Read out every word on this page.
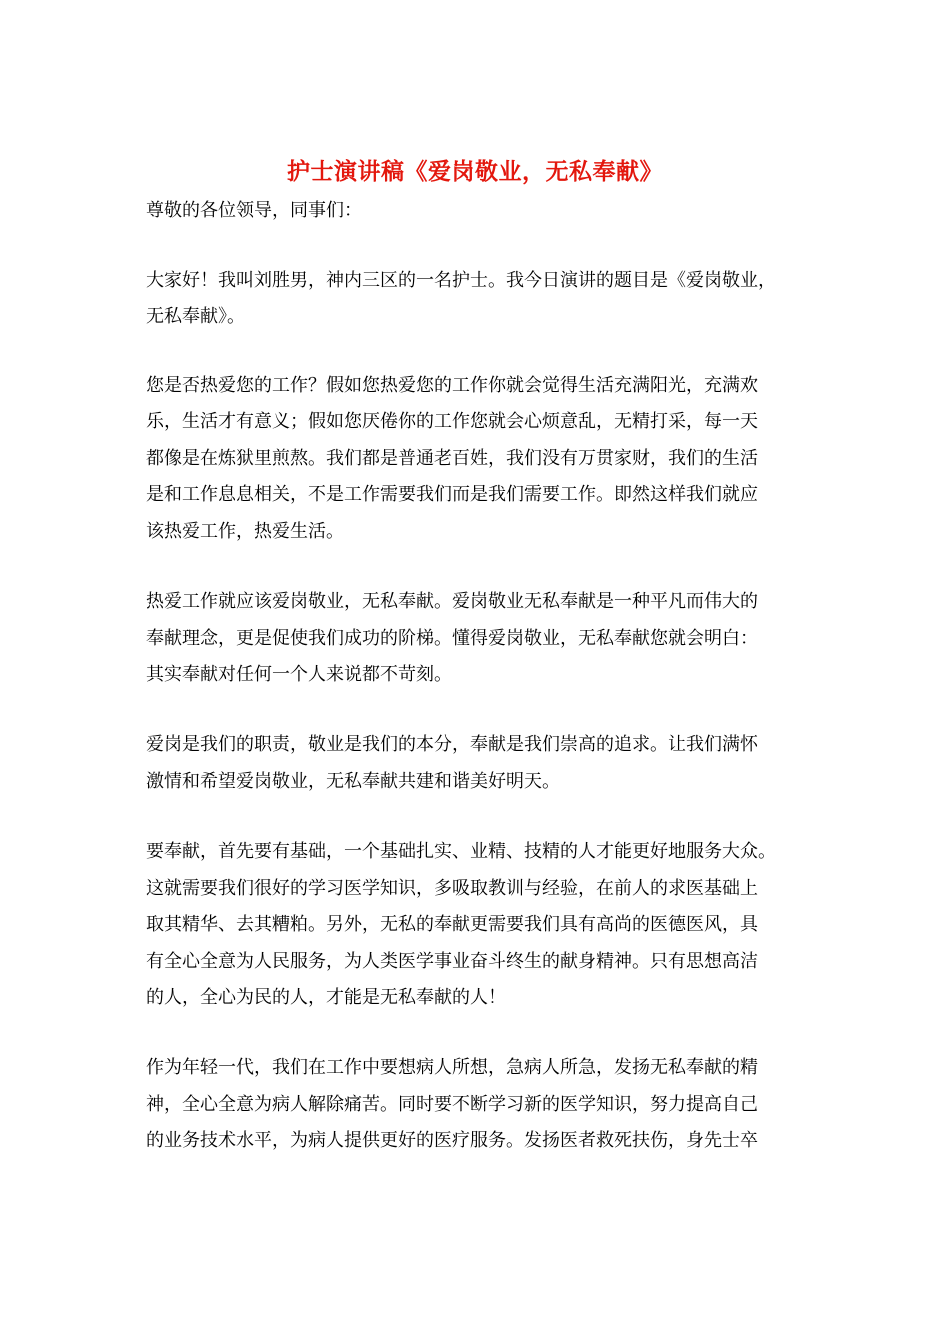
护士演讲稿《爱岗敬业，无私奉献》

尊敬的各位领导，同事们：

大家好！我叫刘胜男，神内三区的一名护士。我今日演讲的题目是《爱岗敬业，

无私奉献》。

您是否热爱您的工作？假如您热爱您的工作你就会觉得生活充满阳光，充满欢

乐，生活才有意义；假如您厌倦你的工作您就会心烦意乱，无精打采，每一天

都像是在炼狱里煎熬。我们都是普通老百姓，我们没有万贯家财，我们的生活

是和工作息息相关，不是工作需要我们而是我们需要工作。即然这样我们就应

该热爱工作，热爱生活。

热爱工作就应该爱岗敬业，无私奉献。爱岗敬业无私奉献是一种平凡而伟大的

奉献理念，更是促使我们成功的阶梯。懂得爱岗敬业，无私奉献您就会明白：

其实奉献对任何一个人来说都不苛刻。

爱岗是我们的职责，敬业是我们的本分，奉献是我们崇高的追求。让我们满怀

激情和希望爱岗敬业，无私奉献共建和谐美好明天。

要奉献，首先要有基础，一个基础扎实、业精、技精的人才能更好地服务大众。

这就需要我们很好的学习医学知识，多吸取教训与经验，在前人的求医基础上

取其精华、去其糟粕。另外，无私的奉献更需要我们具有高尚的医德医风，具

有全心全意为人民服务，为人类医学事业奋斗终生的献身精神。只有思想高洁

的人，全心为民的人，才能是无私奉献的人！

作为年轻一代，我们在工作中要想病人所想，急病人所急，发扬无私奉献的精

神，全心全意为病人解除痛苦。同时要不断学习新的医学知识，努力提高自己

的业务技术水平，为病人提供更好的医疗服务。发扬医者救死扶伤，身先士卒
